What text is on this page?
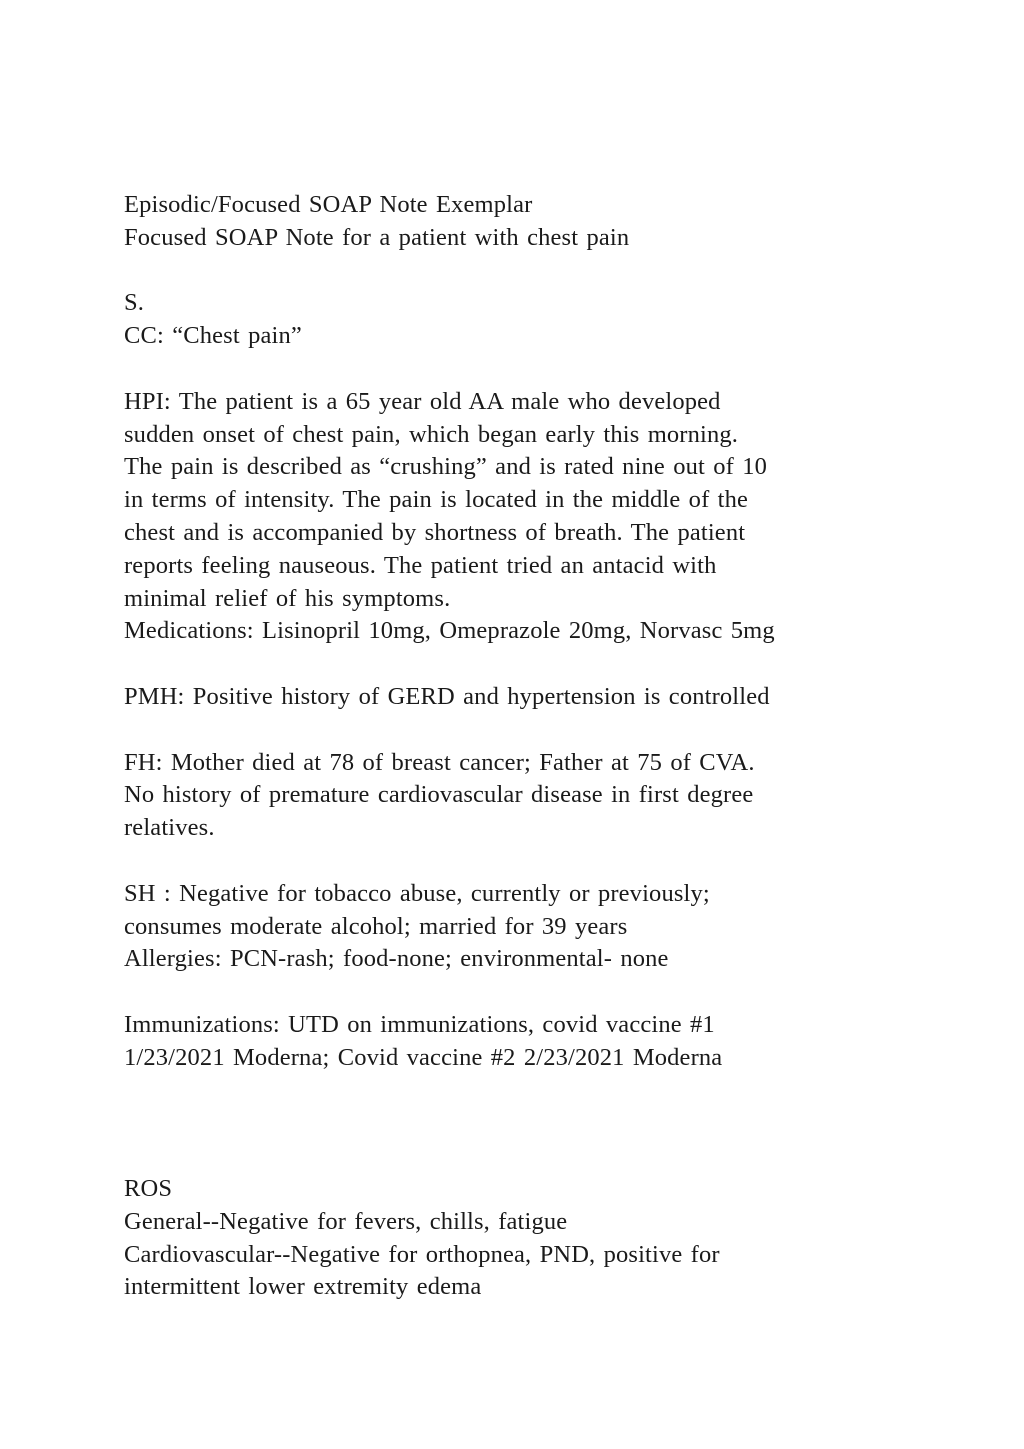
Episodic/Focused SOAP Note Exemplar
Focused SOAP Note for a patient with chest pain
S.
CC: “Chest pain”
HPI: The patient is a 65 year old AA male who developed
sudden onset of chest pain, which began early this morning.
The pain is described as “crushing” and is rated nine out of 10
in terms of intensity. The pain is located in the middle of the
chest and is accompanied by shortness of breath. The patient
reports feeling nauseous. The patient tried an antacid with
minimal relief of his symptoms.
Medications: Lisinopril 10mg, Omeprazole 20mg, Norvasc 5mg
PMH: Positive history of GERD and hypertension is controlled
FH: Mother died at 78 of breast cancer; Father at 75 of CVA.
No history of premature cardiovascular disease in first degree
relatives.
SH : Negative for tobacco abuse, currently or previously;
consumes moderate alcohol; married for 39 years
Allergies: PCN-rash; food-none; environmental- none
Immunizations: UTD on immunizations, covid vaccine #1
1/23/2021 Moderna; Covid vaccine #2 2/23/2021 Moderna
ROS
General--Negative for fevers, chills, fatigue
Cardiovascular--Negative for orthopnea, PND, positive for
intermittent lower extremity edema
